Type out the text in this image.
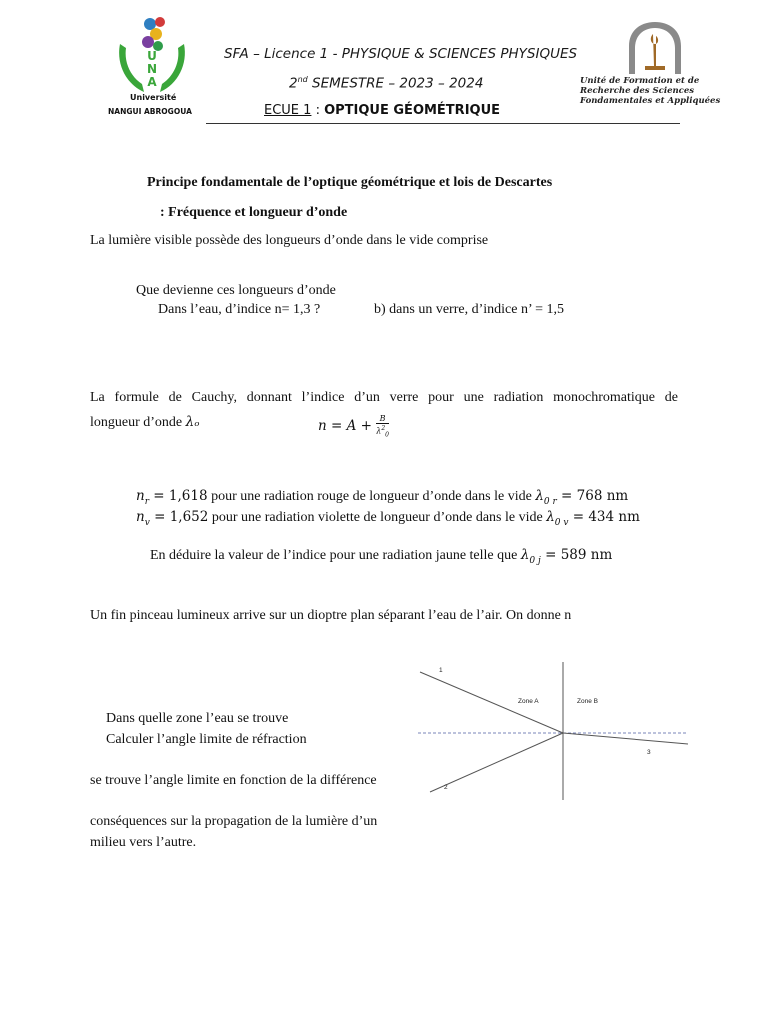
UNA
Université
NANGUI ABROGOUA
SFA – Licence 1 - PHYSIQUE & SCIENCES PHYSIQUES
2nd SEMESTRE – 2023 – 2024
ECUE 1 : OPTIQUE GÉOMÉTRIQUE
Unité de Formation et de Recherche des Sciences Fondamentales et Appliquées
Principe fondamentale de l’optique géométrique et lois de Descartes
: Fréquence et longueur d’onde
La lumière visible possède des longueurs d’onde dans le vide comprise
Que devienne ces longueurs d’onde
Dans l’eau, d’indice n= 1,3 ?	b) dans un verre, d’indice n’ = 1,5
La formule de Cauchy, donnant l’indice d’un verre pour une radiation monochromatique de
longueur d’onde λₒ	$n = A + \frac{B}{\lambda^2_0}$
$n_r = 1,618$ pour une radiation rouge de longueur d’onde dans le vide $\lambda_{0 r} = 768$ nm
$n_v = 1,652$ pour une radiation violette de longueur d’onde dans le vide $\lambda_{0 v} = 434$ nm
En déduire la valeur de l’indice pour une radiation jaune telle que $\lambda_{0 j} = 589$ nm
Un fin pinceau lumineux arrive sur un dioptre plan séparant l’eau de l’air. On donne n
Dans quelle zone l’eau se trouve
Calculer l’angle limite de réfraction
se trouve l’angle limite en fonction de la différence
conséquences sur la propagation de la lumière d’un
milieu vers l’autre.
Zone A	Zone B
1
2
3
